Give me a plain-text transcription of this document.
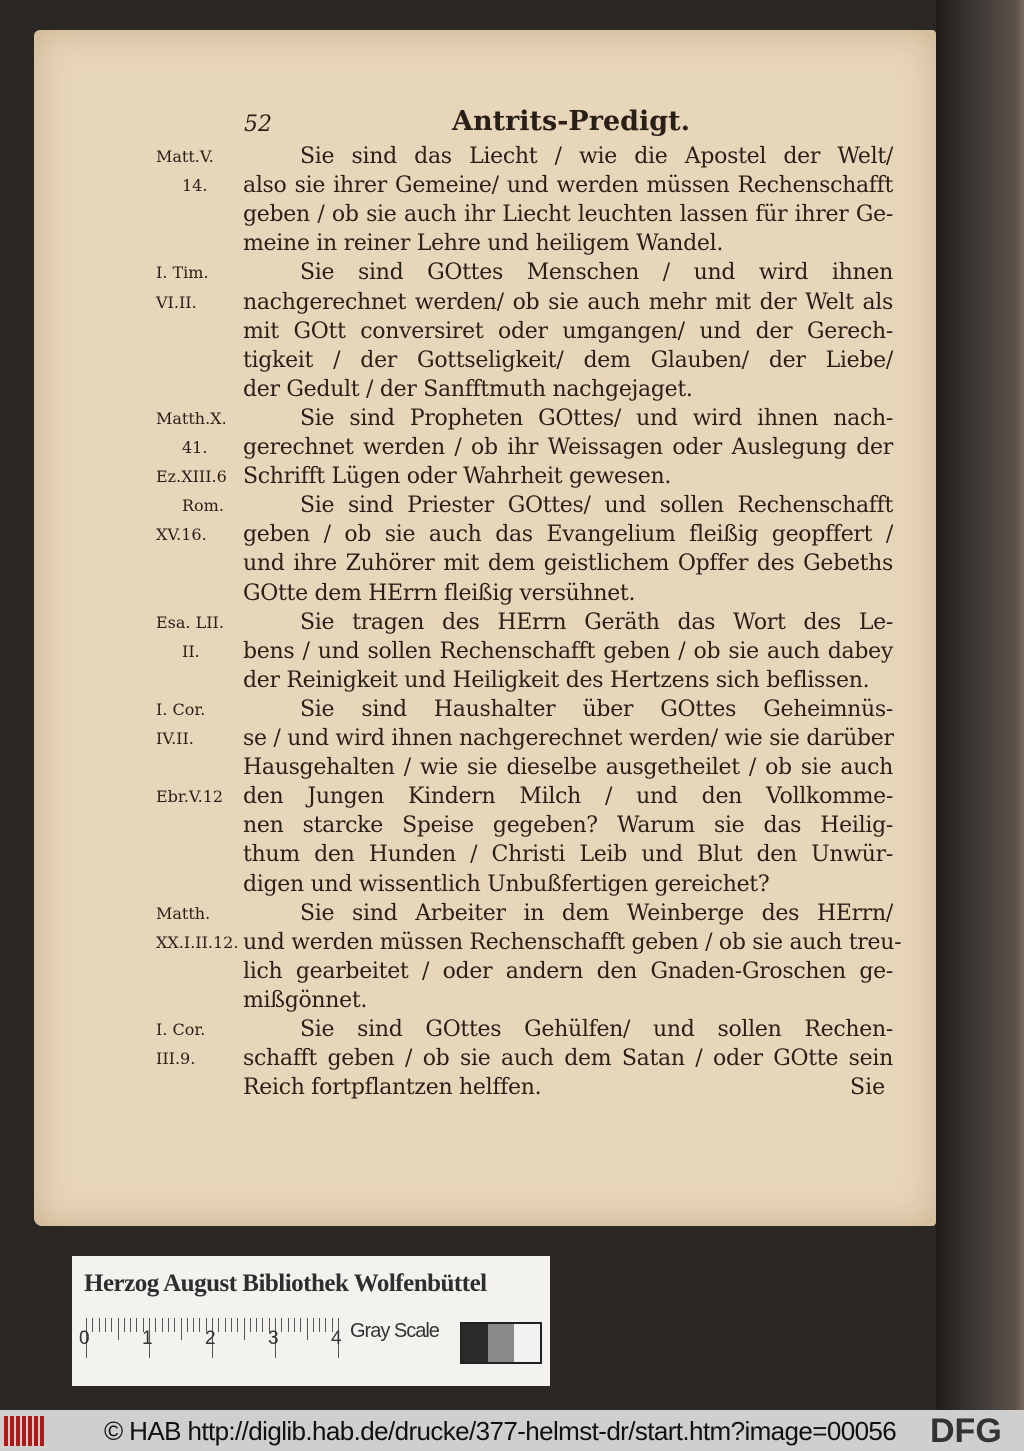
52	Antrits-Predigt.
Sie sind das Liecht / wie die Apostel der Welt/
also sie ihrer Gemeine/ und werden müssen Rechenschafft
geben / ob sie auch ihr Liecht leuchten lassen für ihrer Ge-
meine in reiner Lehre und heiligem Wandel.
Sie sind GOttes Menschen / und wird ihnen
nachgerechnet werden/ ob sie auch mehr mit der Welt als
mit GOtt conversiret oder umgangen/ und der Gerech-
tigkeit / der Gottseligkeit/ dem Glauben/ der Liebe/
der Gedult / der Sanfftmuth nachgejaget.
Sie sind Propheten GOttes/ und wird ihnen nach-
gerechnet werden / ob ihr Weissagen oder Auslegung der
Schrifft Lügen oder Wahrheit gewesen.
Sie sind Priester GOttes/ und sollen Rechenschafft
geben / ob sie auch das Evangelium fleißig geopffert /
und ihre Zuhörer mit dem geistlichem Opffer des Gebeths
GOtte dem HErrn fleißig versühnet.
Sie tragen des HErrn Geräth das Wort des Le-
bens / und sollen Rechenschafft geben / ob sie auch dabey
der Reinigkeit und Heiligkeit des Hertzens sich beflissen.
Sie sind Haushalter über GOttes Geheimnüs-
se / und wird ihnen nachgerechnet werden/ wie sie darüber
Hausgehalten / wie sie dieselbe ausgetheilet / ob sie auch
den Jungen Kindern Milch / und den Vollkomme-
nen starcke Speise gegeben? Warum sie das Heilig-
thum den Hunden / Christi Leib und Blut den Unwür-
digen und wissentlich Unbußfertigen gereichet?
Sie sind Arbeiter in dem Weinberge des HErrn/
und werden müssen Rechenschafft geben / ob sie auch treu-
lich gearbeitet / oder andern den Gnaden-Groschen ge-
mißgönnet.
Sie sind GOttes Gehülfen/ und sollen Rechen-
schafft geben / ob sie auch dem Satan / oder GOtte sein
Reich fortpflantzen helffen.
Matt.V.
14.
I. Tim.
VI.II.
Matth.X.
41.
Ez.XIII.6
Rom.
XV.16.
Esa. LII.
II.
I. Cor.
IV.II.
Ebr.V.12
Matth.
XX.I.II.12.
I. Cor.
III.9.
Sie
Herzog August Bibliothek Wolfenbüttel
Gray Scale
0	1	2	3	4
© HAB http://diglib.hab.de/drucke/377-helmst-dr/start.htm?image=00056 DFG
